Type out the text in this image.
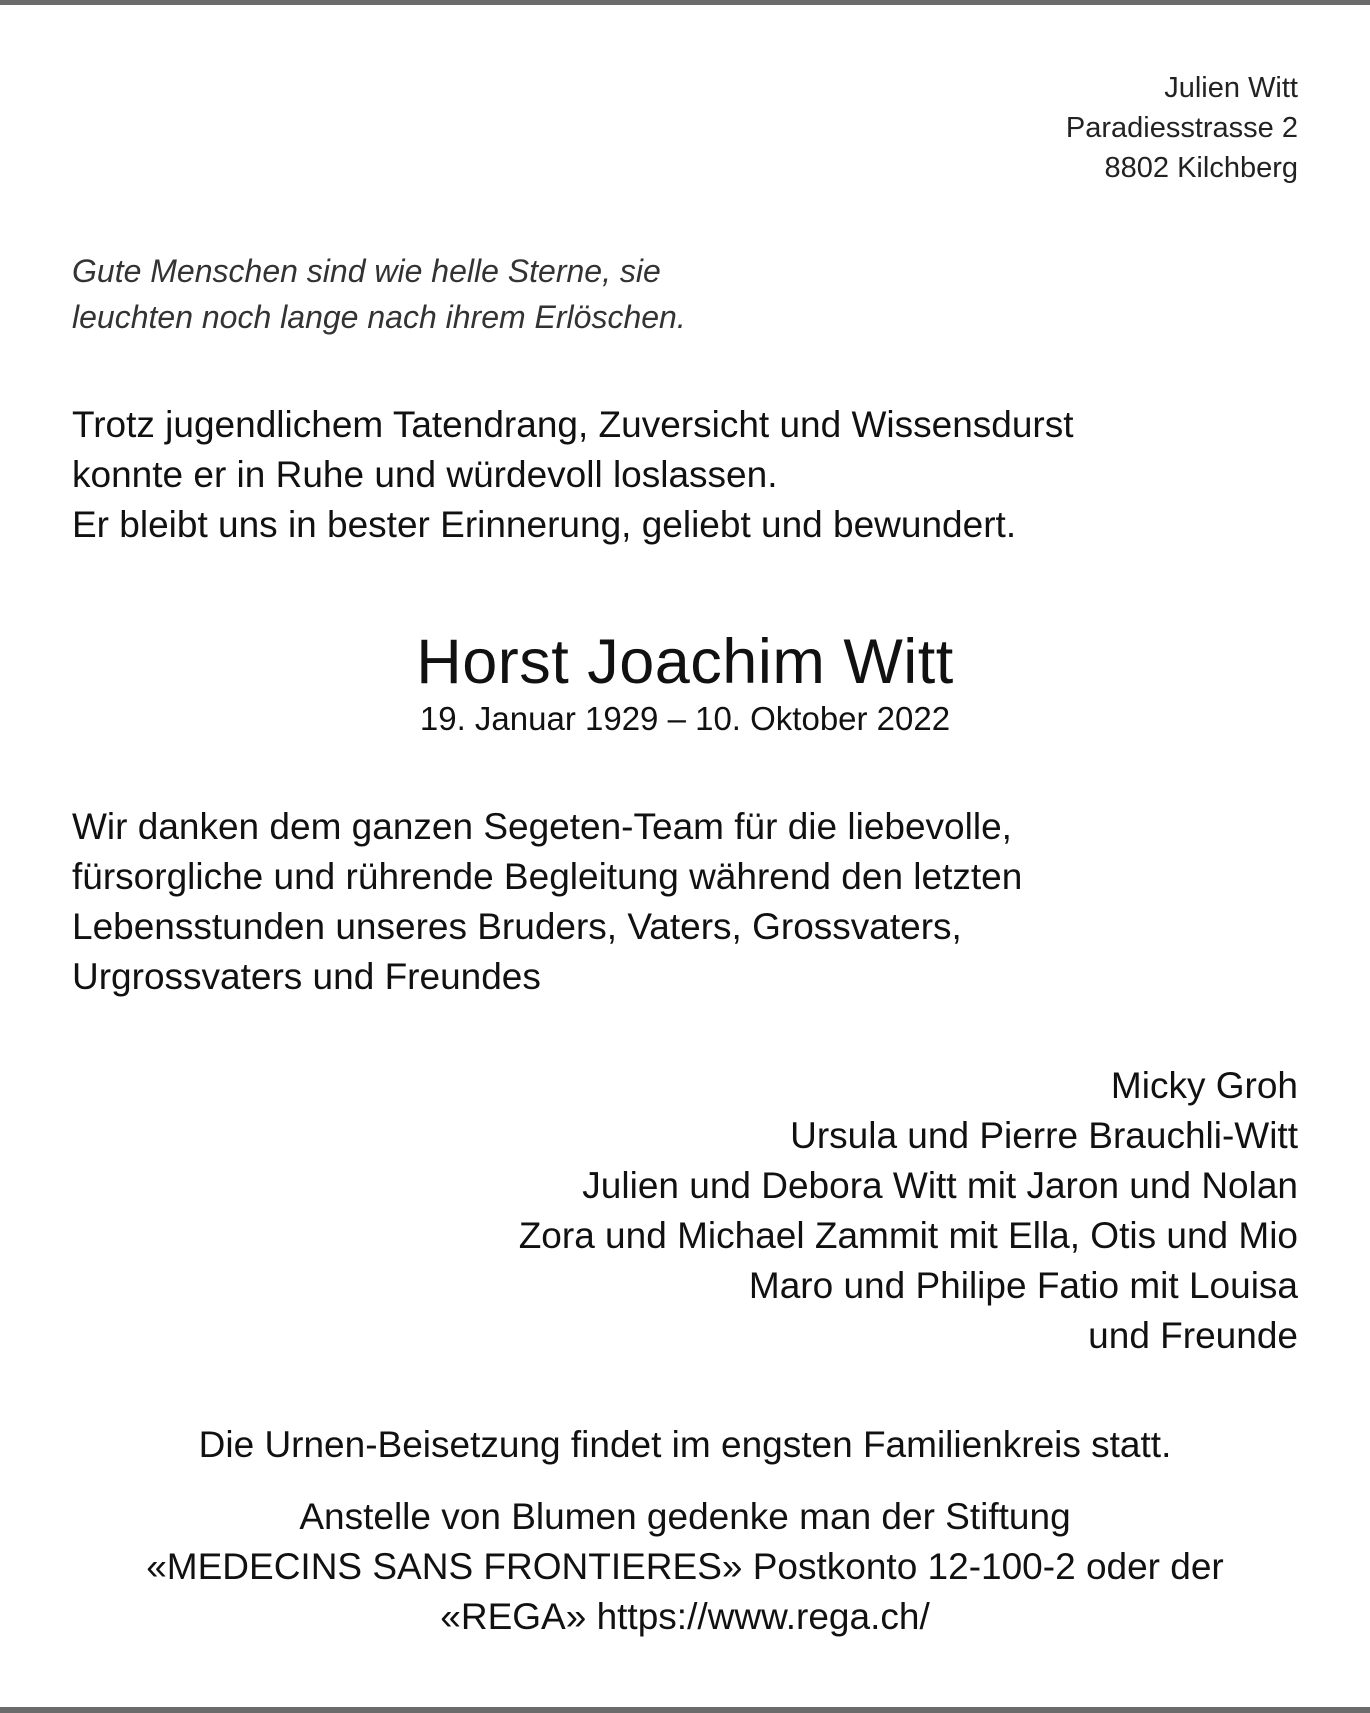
Julien Witt
Paradiesstrasse 2
8802 Kilchberg
Gute Menschen sind wie helle Sterne, sie
leuchten noch lange nach ihrem Erlöschen.
Trotz jugendlichem Tatendrang, Zuversicht und Wissensdurst
konnte er in Ruhe und würdevoll loslassen.
Er bleibt uns in bester Erinnerung, geliebt und bewundert.
Horst Joachim Witt
19. Januar 1929 – 10. Oktober 2022
Wir danken dem ganzen Segeten-Team für die liebevolle,
fürsorgliche und rührende Begleitung während den letzten
Lebensstunden unseres Bruders, Vaters, Grossvaters,
Urgrossvaters und Freundes
Micky Groh
Ursula und Pierre Brauchli-Witt
Julien und Debora Witt mit Jaron und Nolan
Zora und Michael Zammit mit Ella, Otis und Mio
Maro und Philipe Fatio mit Louisa
und Freunde
Die Urnen-Beisetzung findet im engsten Familienkreis statt.
Anstelle von Blumen gedenke man der Stiftung
«MEDECINS SANS FRONTIERES» Postkonto 12-100-2 oder der
«REGA» https://www.rega.ch/
